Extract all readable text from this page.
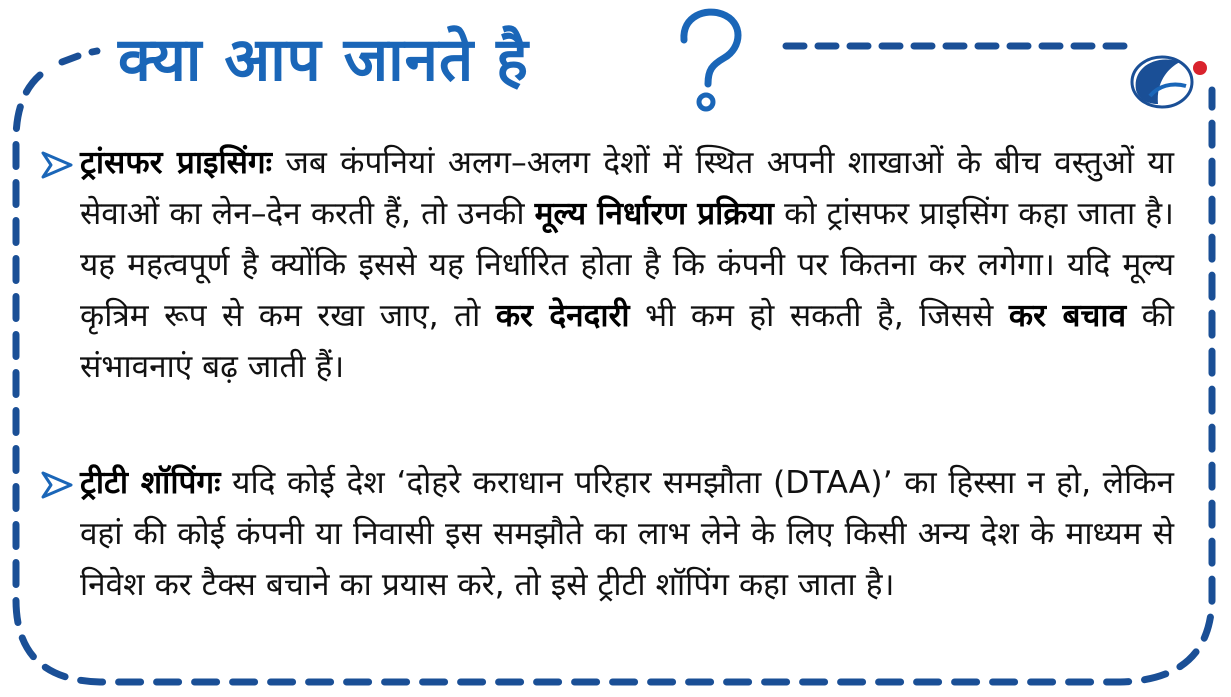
क्या आप जानते है

ट्रांसफर प्राइसिंगः जब कंपनियां अलग–अलग देशों में स्थित अपनी शाखाओं के बीच वस्तुओं या सेवाओं का लेन–देन करती हैं, तो उनकी मूल्य निर्धारण प्रक्रिया को ट्रांसफर प्राइसिंग कहा जाता है। यह महत्वपूर्ण है क्योंकि इससे यह निर्धारित होता है कि कंपनी पर कितना कर लगेगा। यदि मूल्य कृत्रिम रूप से कम रखा जाए, तो कर देनदारी भी कम हो सकती है, जिससे कर बचाव की संभावनाएं बढ़ जाती हैं।

ट्रीटी शॉपिंगः यदि कोई देश ‘दोहरे कराधान परिहार समझौता (DTAA)’ का हिस्सा न हो, लेकिन वहां की कोई कंपनी या निवासी इस समझौते का लाभ लेने के लिए किसी अन्य देश के माध्यम से निवेश कर टैक्स बचाने का प्रयास करे, तो इसे ट्रीटी शॉपिंग कहा जाता है।
